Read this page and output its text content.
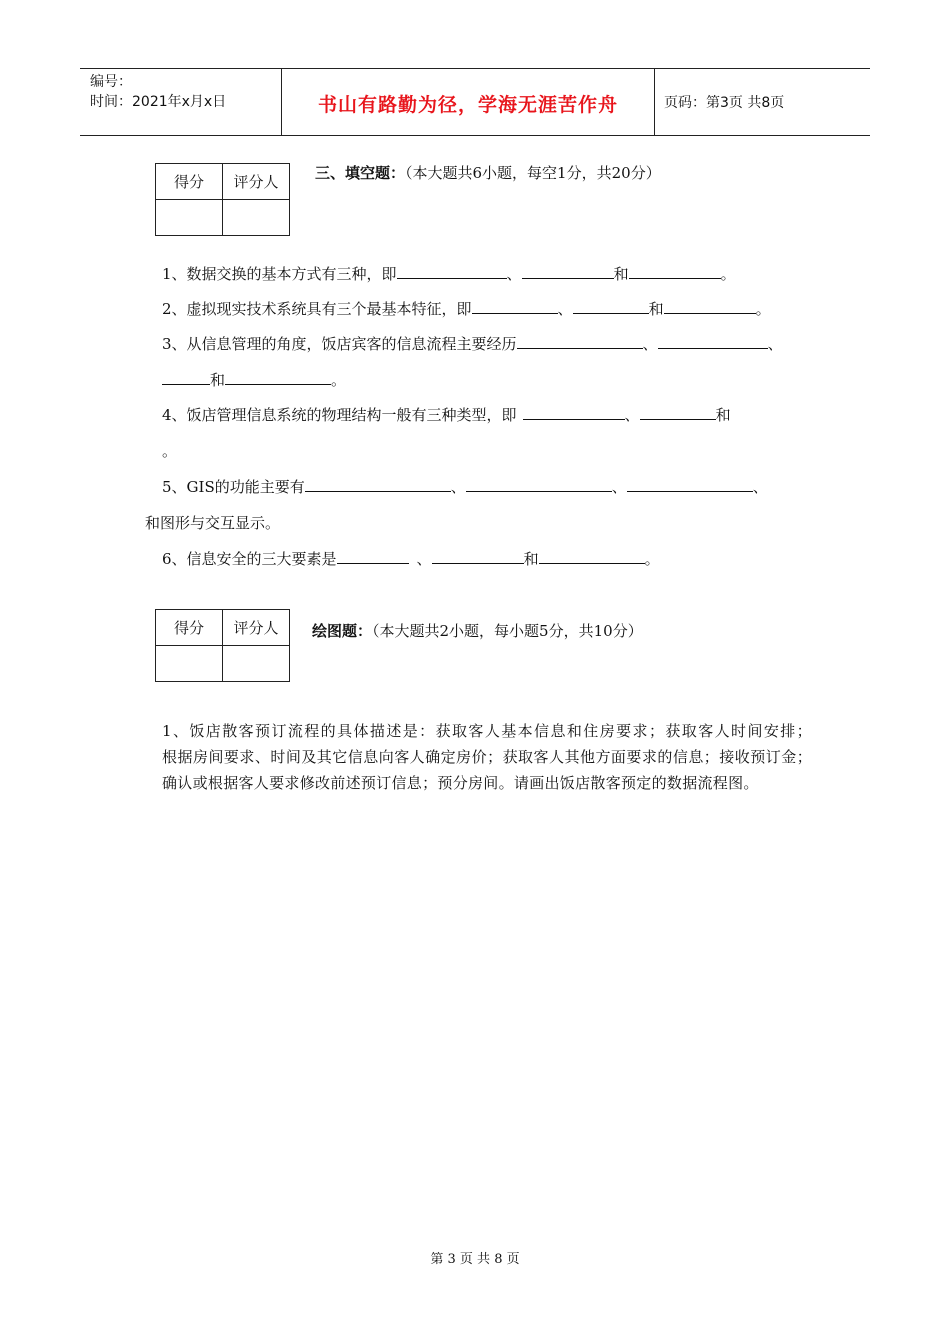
编号：
时间：2021年x月x日	书山有路勤为径，学海无涯苦作舟	页码：第3页 共8页
得分	评分人
	三、填空题：（本大题共6小题，每空1分，共20分）
1、数据交换的基本方式有三种，即	、	和	。
2、虚拟现实技术系统具有三个最基本特征，即	、	和	。
3、从信息管理的角度，饭店宾客的信息流程主要经历	、	、
和	。
4、饭店管理信息系统的物理结构一般有三种类型，即	、	和
。
5、GIS的功能主要有	、	、	、
和图形与交互显示。
6、信息安全的三大要素是	、	和	。
得分	评分人
	绘图题：（本大题共2小题，每小题5分，共10分）
1、饭店散客预订流程的具体描述是：获取客人基本信息和住房要求；获取客人时间安排；              根据房间要求、时间及其它信息向客人确定房价；获取客人其他方面要求的信息；接收预订金；确认或根据客人要求修改前述预订信息；预分房间。请画出饭店散客预定的数据流程图。
第 3 页 共 8 页
